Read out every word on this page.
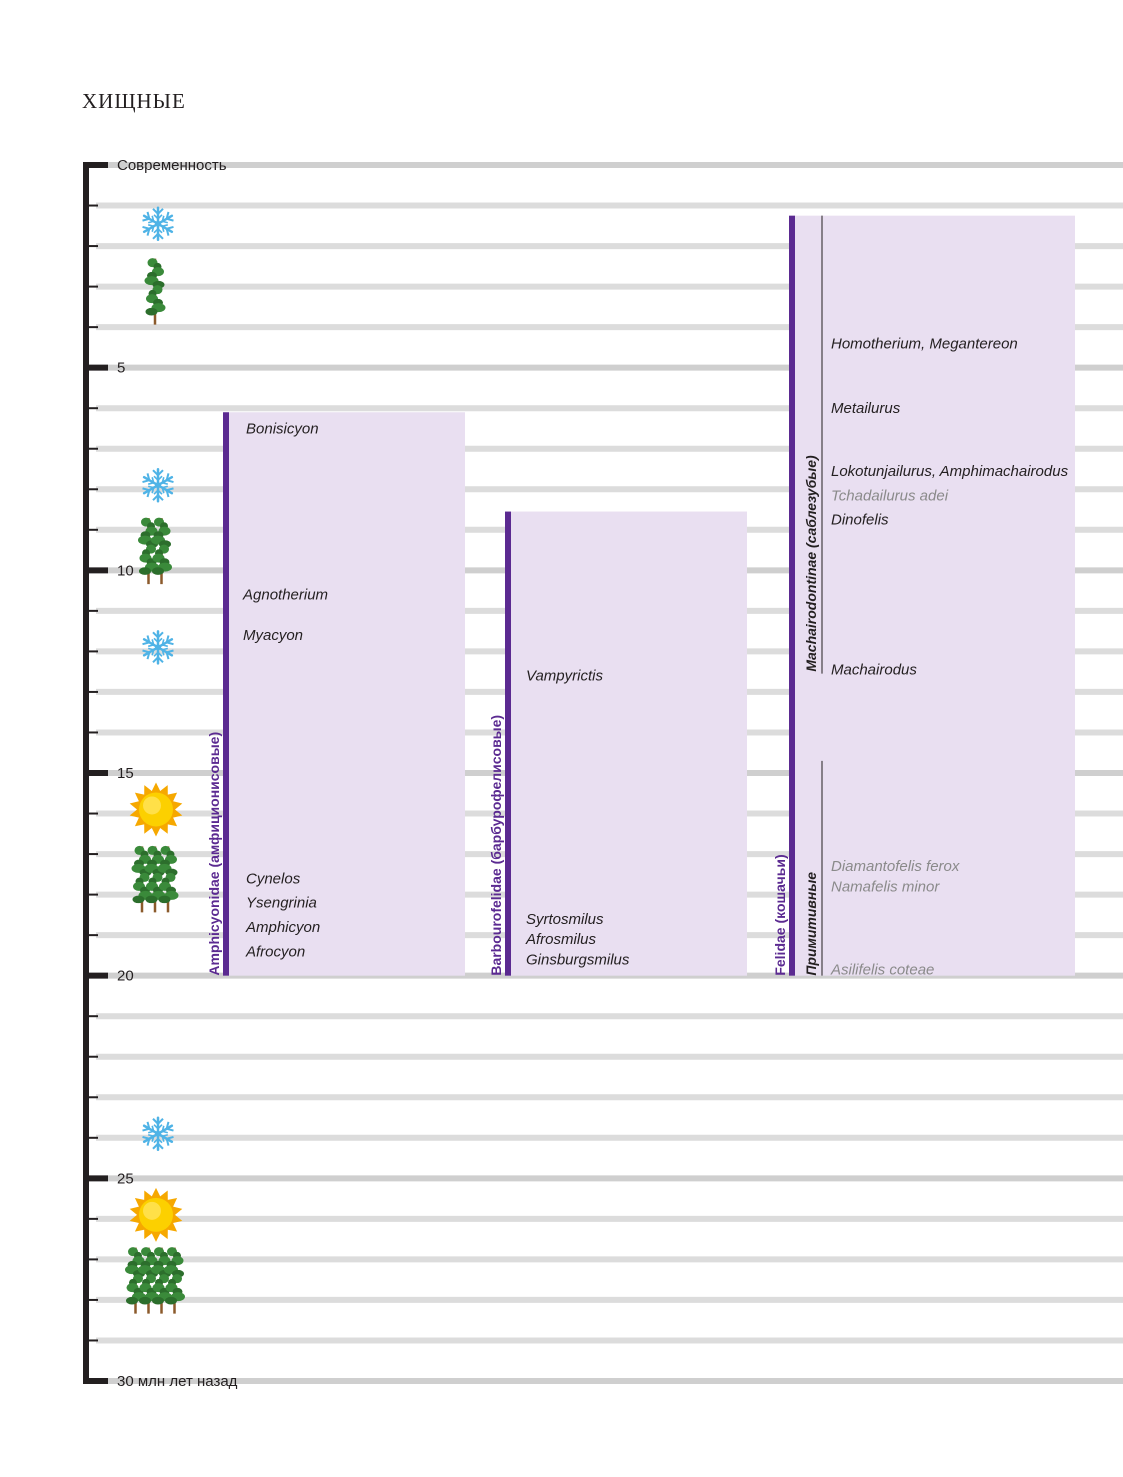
ХИЩНЫЕ
Современность
5
10
15
20
25
30 млн лет назад
Amphicyonidae (амфиционисовые)
Bonisicyon
Agnotherium
Myacyon
Cynelos
Ysengrinia
Amphicyon
Afrocyon	Barbourofelidae (барбурофелисовые)
Vampyrictis
Syrtosmilus
Afrosmilus
Ginsburgsmilus	Felidae (кошачьи)
Machairodontinae (саблезубые)
Примитивные
Homotherium, Megantereon
Metailurus
Lokotunjailurus, Amphimachairodus
Tchadailurus adei
Dinofelis
Machairodus
Diamantofelis ferox
Namafelis minor
Asilifelis coteae
